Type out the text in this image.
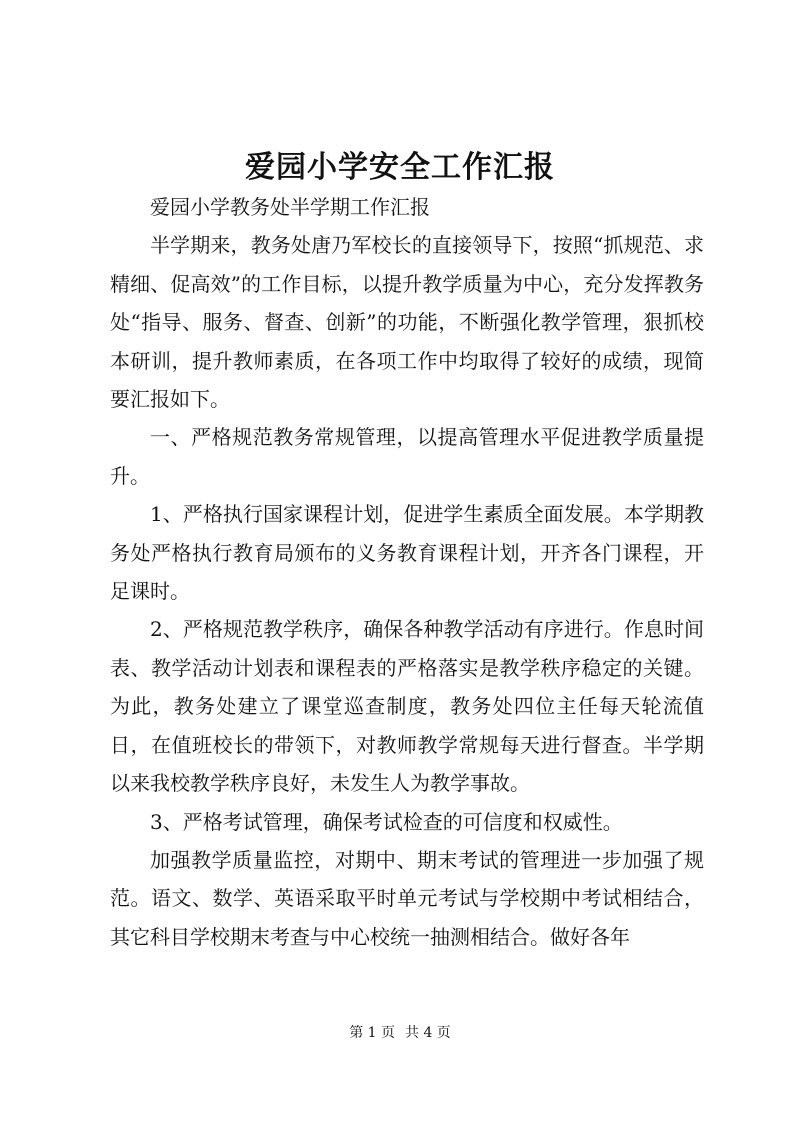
爱园小学安全工作汇报

爱园小学教务处半学期工作汇报

半学期来，教务处唐乃军校长的直接领导下，按照“抓规范、求精细、促高效”的工作目标，以提升教学质量为中心，充分发挥教务处“指导、服务、督查、创新”的功能，不断强化教学管理，狠抓校本研训，提升教师素质，在各项工作中均取得了较好的成绩，现简要汇报如下。

一、严格规范教务常规管理，以提高管理水平促进教学质量提升。

1、严格执行国家课程计划，促进学生素质全面发展。本学期教务处严格执行教育局颁布的义务教育课程计划，开齐各门课程，开足课时。

2、严格规范教学秩序，确保各种教学活动有序进行。作息时间表、教学活动计划表和课程表的严格落实是教学秩序稳定的关键。为此，教务处建立了课堂巡查制度，教务处四位主任每天轮流值日，在值班校长的带领下，对教师教学常规每天进行督查。半学期以来我校教学秩序良好，未发生人为教学事故。

3、严格考试管理，确保考试检查的可信度和权威性。

加强教学质量监控，对期中、期末考试的管理进一步加强了规范。语文、数学、英语采取平时单元考试与学校期中考试相结合，其它科目学校期末考查与中心校统一抽测相结合。做好各年

第 1 页 共 4 页
